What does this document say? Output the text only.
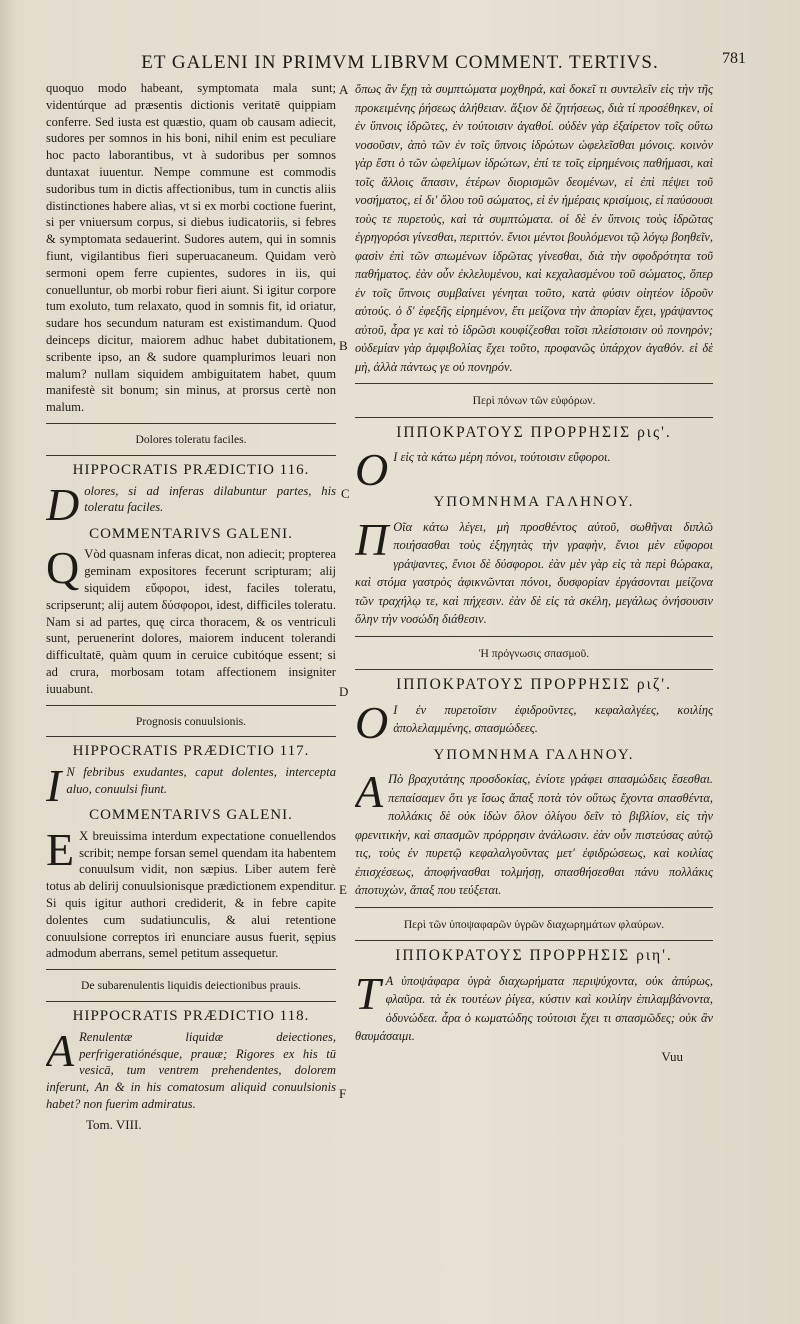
ET GALENI IN PRIMVM LIBRVM COMMENT. TERTIVS.	781
A
B
C
D
E
F

quoquo modo habeant, symptomata mala sunt; videntúrque ad præsentis dictionis veritatē quippiam conferre. Sed iusta est quæstio, quam ob causam adiecit, sudores per somnos in his boni, nihil enim est peculiare hoc pacto laborantibus, vt à sudoribus per somnos duntaxat iuuentur. Nempe commune est commodis sudoribus tum in dictis affectionibus, tum in cunctis aliis distinctiones habere alias, vt si ex morbi coctione fuerint, si per vniuersum corpus, si diebus iudicatoriis, si febres & symptomata sedauerint. Sudores autem, qui in somnis fiunt, vigilantibus fieri superuacaneum. Quidam verò sermoni opem ferre cupientes, sudores in iis, qui conuelluntur, ob morbi robur fieri aiunt. Si igitur corpore tum exoluto, tum relaxato, quod in somnis fit, id oriatur, sudare hos secundum naturam est existimandum. Quod deinceps dicitur, maiorem adhuc habet dubitationem, scribente ipso, an & sudore quamplurimos leuari non malum? nullam siquidem ambiguitatem habet, quum manifestè sit bonum; sin minus, at prorsus certè non malum.

Dolores toleratu faciles.
HIPPOCRATIS PRÆDICTIO 116.

Dolores, si ad inferas dilabuntur partes, his toleratu faciles.

COMMENTARIVS GALENI.

Q Vòd quasnam inferas dicat, non adiecit; propterea geminam expositores fecerunt scripturam; alij siquidem εὔφοροι, idest, faciles toleratu, scripserunt; alij autem δύσφοροι, idest, difficiles toleratu. Nam si ad partes, quę circa thoracem, & os ventriculi sunt, peruenerint dolores, maiorem inducent tolerandi difficultatē, quàm quum in ceruice cubitóque essent; si ad crura, morbosam totam affectionem insigniter iuuabunt.

Prognosis conuulsionis.
HIPPOCRATIS PRÆDICTIO 117.

I N febribus exudantes, caput dolentes, intercepta aluo, conuulsi fiunt.

COMMENTARIVS GALENI.

E X breuissima interdum expectatione conuellendos scribit; nempe forsan semel quendam ita habentem conuulsum vidit, non sæpius. Liber autem ferè totus ab delirij conuulsionisque prædictionem expenditur. Si quis igitur authori crediderit, & in febre capite dolentes cum sudatiunculis, & alui retentione conuulsione correptos iri enunciare ausus fuerit, sępius admodum aberrans, semel petitum assequetur.

De subarenulentis liquidis deiectionibus prauis.
HIPPOCRATIS PRÆDICTIO 118.

A Renulentæ liquidæ deiectiones, perfrigeratiónésque, prauæ; Rigores ex his tū vesicā, tum ventrem prehendentes, dolorem inferunt, An & in his comatosum aliquid conuulsionis habet? non fuerim admiratus.

Tom. VIII.

ὅπως ἂν ἔχῃ τὰ συμπτώματα μοχθηρά, καὶ δοκεῖ τι συντελεῖν εἰς τὴν τῆς προκειμένης ῥήσεως ἀλήθειαν. ἄξιον δὲ ζητήσεως, διὰ τί προσέθηκεν, οἱ ἐν ὕπνοις ἱδρῶτες, ἐν τούτοισιν ἀγαθοί. οὐδὲν γὰρ ἐξαίρετον τοῖς οὕτω νοσοῦσιν, ἀπὸ τῶν ἐν τοῖς ὕπνοις ἱδρώτων ὠφελεῖσθαι μόνοις. κοινὸν γὰρ ἔστι ὁ τῶν ὠφελίμων ἱδρώτων, ἐπί τε τοῖς εἰρημένοις παθήμασι, καὶ τοῖς ἄλλοις ἅπασιν, ἑτέρων διορισμῶν δεομένων, εἰ ἐπὶ πέψει τοῦ νοσήματος, εἰ δι' ὅλου τοῦ σώματος, εἰ ἐν ἡμέραις κρισίμοις, εἰ παύσουσι τοὺς τε πυρετοὺς, καὶ τὰ συμπτώματα. οἱ δὲ ἐν ὕπνοις τοὺς ἱδρῶτας ἐγρηγορόσι γίνεσθαι, περιττόν. ἔνιοι μέντοι βουλόμενοι τῷ λόγῳ βοηθεῖν, φασὶν ἐπὶ τῶν σπωμένων ἱδρῶτας γίνεσθαι, διὰ τὴν σφοδρότητα τοῦ παθήματος. ἐὰν οὖν ἐκλελυμένου, καὶ κεχαλασμένου τοῦ σώματος, ὅπερ ἐν τοῖς ὕπνοις συμβαίνει γένηται τοῦτο, κατὰ φύσιν οἰητέον ἱδροῦν αὐτούς. ὁ δ' ἐφεξῆς εἰρημένον, ἔτι μείζονα τὴν ἀπορίαν ἔχει, γράψαντος αὐτοῦ, ἆρα γε καὶ τὸ ἱδρῶσι κουφίζεσθαι τοῖσι πλείστοισιν οὐ πονηρόν; οὐδεμίαν γὰρ ἀμφιβολίας ἔχει τοῦτο, προφανῶς ὑπάρχον ἀγαθόν. εἰ δὲ μὴ, ἀλλὰ πάντως γε οὐ πονηρόν.

Περὶ πόνων τῶν εὐφόρων.
ΙΠΠΟΚΡΑΤΟΥΣ ΠΡΟΡΡΗΣΙΣ ρις'.

O Ι εἰς τὰ κάτω μέρη πόνοι, τούτοισιν εὔφοροι.

ΥΠΟΜΝΗΜΑ ΓΑΛΗΝΟΥ.

Π Οῖα κάτω λέγει, μὴ προσθέντος αὐτοῦ, σωθῆναι διπλῶ ποιήσασθαι τοὺς ἐξηγητὰς τὴν γραφὴν, ἔνιοι μὲν εὔφοροι γράψαντες, ἔνιοι δὲ δύσφοροι. ἐὰν μὲν γὰρ εἰς τὰ περὶ θώρακα, καὶ στόμα γαστρὸς ἀφικνῶνται πόνοι, δυσφορίαν ἐργάσονται μείζονα τῶν τραχήλῳ τε, καὶ πήχεσιν. ἐὰν δὲ εἰς τὰ σκέλη, μεγάλως ὀνήσουσιν ὅλην τὴν νοσώδη διάθεσιν.

Ἡ πρόγνωσις σπασμοῦ.
ΙΠΠΟΚΡΑΤΟΥΣ ΠΡΟΡΡΗΣΙΣ ριζ'.

O Ι ἐν πυρετοῖσιν ἐφιδροῦντες, κεφαλαλγέες, κοιλίης ἀπολελαμμένης, σπασμώδεες.

ΥΠΟΜΝΗΜΑ ΓΑΛΗΝΟΥ.

Α Πὸ βραχυτάτης προσδοκίας, ἐνίοτε γράφει σπασμώδεις ἔσεσθαι. πεπαίσαμεν ὅτι γε ἴσως ἅπαξ ποτὰ τὸν οὕτως ἔχοντα σπασθέντα, πολλάκις δὲ οὐκ ἰδὼν ὅλον ὀλίγου δεῖν τὸ βιβλίον, εἰς τὴν φρενιτικὴν, καὶ σπασμῶν πρόρρησιν ἀνάλωσιν. ἐὰν οὖν πιστεύσας αὐτῷ τις, τοὺς ἐν πυρετῷ κεφαλαλγοῦντας μετ' ἐφιδρώσεως, καὶ κοιλίας ἐπισχέσεως, ἀποφήνασθαι τολμήσῃ, σπασθήσεσθαι πάνυ πολλάκις ἀποτυχὼν, ἅπαξ που τεύξεται.

Περὶ τῶν ὑποψαφαρῶν ὑγρῶν διαχωρημάτων φλαύρων.
ΙΠΠΟΚΡΑΤΟΥΣ ΠΡΟΡΡΗΣΙΣ ριη'.

Τ Α ὑποψάφαρα ὑγρὰ διαχωρήματα περιψύχοντα, οὐκ ἀπύρως, φλαῦρα. τὰ ἐκ τουτέων ῥίγεα, κύστιν καὶ κοιλίην ἐπιλαμβάνοντα, ὀδυνώδεα. ἆρα ὁ κωματώδης τούτοισι ἔχει τι σπασμῶδες; οὐκ ἂν θαυμάσαιμι.

Vuu
